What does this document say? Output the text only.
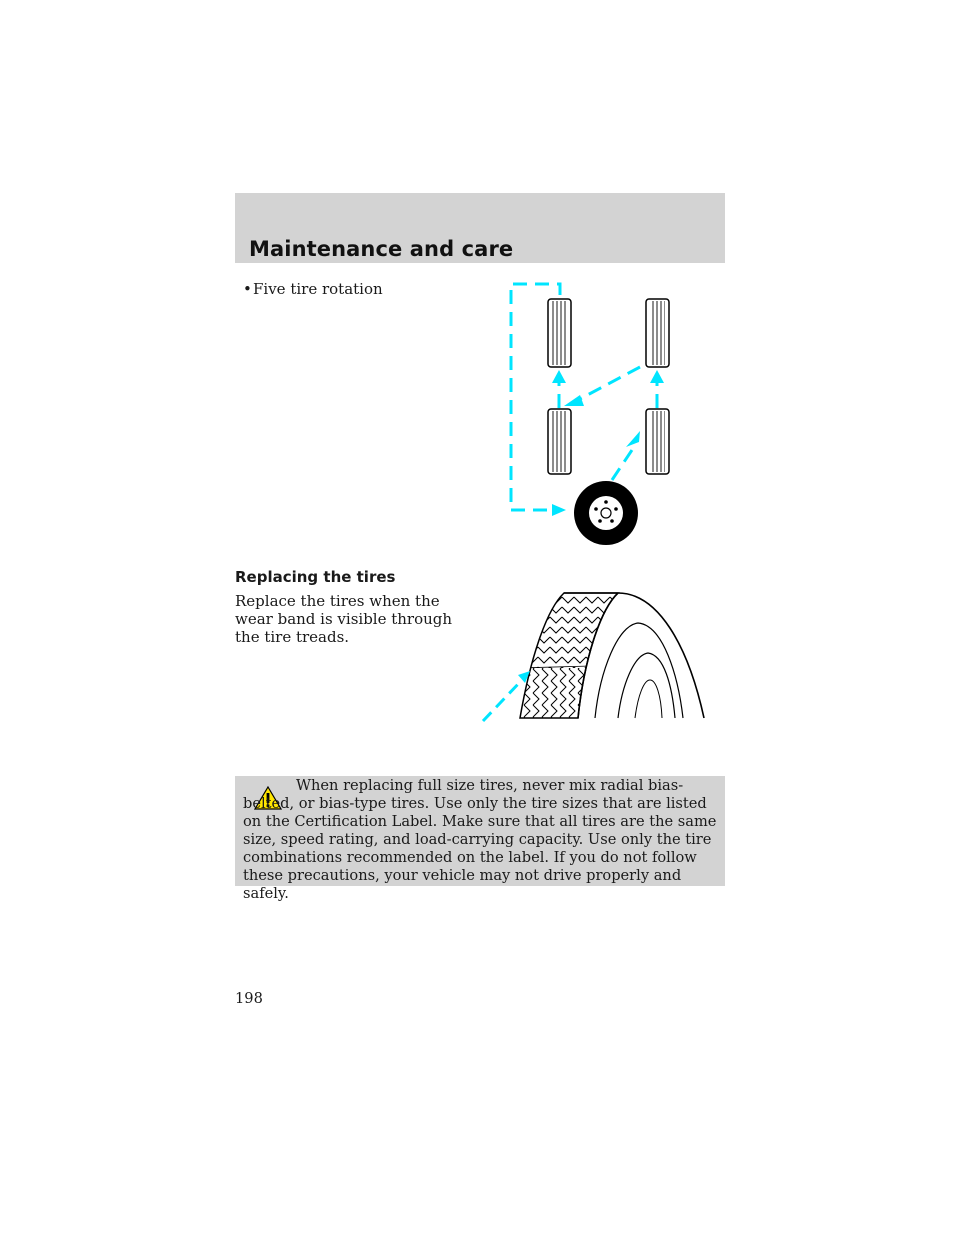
Maintenance and care
•Five tire rotation
Replacing the tires
Replace the tires when the wear band is visible through the tire treads.

When replacing full size tires, never mix radial bias-belted, or bias-type tires. Use only the tire sizes that are listed on the Certification Label. Make sure that all tires are the same size, speed rating, and load-carrying capacity. Use only the tire combinations recommended on the label. If you do not follow these precautions, your vehicle may not drive properly and safely.

198
